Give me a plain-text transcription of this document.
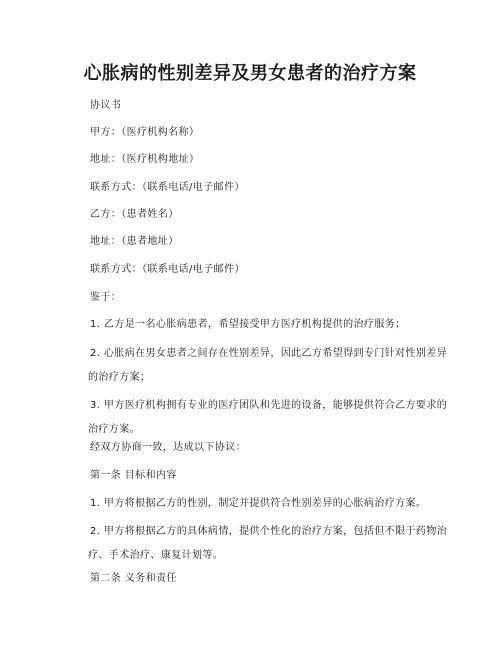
心胀病的性别差异及男女患者的治疗方案

协议书

甲方：（医疗机构名称）

地址：（医疗机构地址）

联系方式：（联系电话/电子邮件）

乙方：（患者姓名）

地址：（患者地址）

联系方式：（联系电话/电子邮件）

鉴于：

1. 乙方是一名心胀病患者，希望接受甲方医疗机构提供的治疗服务；

2. 心胀病在男女患者之间存在性别差异，因此乙方希望得到专门针对性别差异
的治疗方案；
3. 甲方医疗机构拥有专业的医疗团队和先进的设备，能够提供符合乙方要求的
治疗方案。

经双方协商一致，达成以下协议：

第一条 目标和内容

1. 甲方将根据乙方的性别，制定并提供符合性别差异的心胀病治疗方案。

2. 甲方将根据乙方的具体病情，提供个性化的治疗方案，包括但不限于药物治
疗、手术治疗、康复计划等。

第二条 义务和责任
